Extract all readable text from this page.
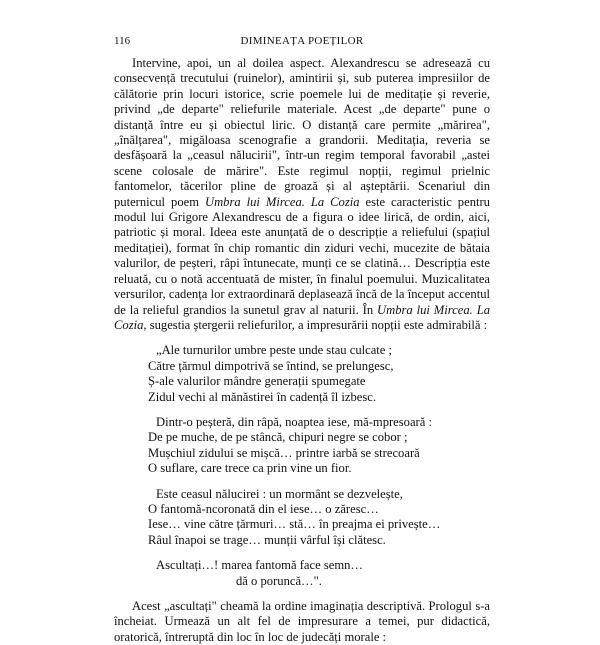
116	DIMINEAȚA POEȚILOR

Intervine, apoi, un al doilea aspect. Alexandrescu se adresează cu consecvență trecutului (ruinelor), amintirii și, sub puterea impresiilor de călătorie prin locuri istorice, scrie poemele lui de meditație și reverie, privind „de departe" reliefurile materiale. Acest „de departe" pune o distanță între eu și obiectul liric. O distanță care permite „mărirea", „înălțarea", migăloasa scenografie a grandorii. Meditația, reveria se desfășoară la „ceasul nălucirii", într-un regim temporal favorabil „astei scene colosale de mărire". Este regimul nopții, regimul prielnic fantomelor, tăcerilor pline de groază și al așteptării. Scenariul din puternicul poem Umbra lui Mircea. La Cozia este caracteristic pentru modul lui Grigore Alexandrescu de a figura o idee lirică, de ordin, aici, patriotic și moral. Ideea este anunțată de o descripție a reliefului (spațiul meditației), format în chip romantic din ziduri vechi, mucezite de bătaia valurilor, de peșteri, râpi întunecate, munți ce se clatină… Descripția este reluată, cu o notă accentuată de mister, în finalul poemului. Muzicalitatea versurilor, cadența lor extraordinară deplasează încă de la început accentul de la relieful grandios la sunetul grav al naturii. În Umbra lui Mircea. La Cozia, sugestia ștergerii reliefurilor, a impresurării nopții este admirabilă :

„Ale turnurilor umbre peste unde stau culcate ;
Către țărmul dimpotrivă se întind, se prelungesc,
Ș-ale valurilor mândre generații spumegate
Zidul vechi al mănăstirei în cadență îl izbesc.
Dintr-o peșteră, din râpă, noaptea iese, mă-mpresoară :
De pe muche, de pe stâncă, chipuri negre se cobor ;
Mușchiul zidului se mișcă… printre iarbă se strecoară
O suflare, care trece ca prin vine un fior.
Este ceasul nălucirei : un mormânt se dezvelește,
O fantomă-ncoronată din el iese… o zăresc…
Iese… vine către țărmuri… stă… în preajma ei privește…
Râul înapoi se trage… munții vârful își clătesc.
Ascultați…! marea fantomă face semn…
dă o poruncă…".

Acest „ascultați" cheamă la ordine imaginația descriptivă. Prologul s-a încheiat. Urmează un alt fel de impresurare a temei, pur didactică, oratorică, întreruptă din loc în loc de judecăți morale :
